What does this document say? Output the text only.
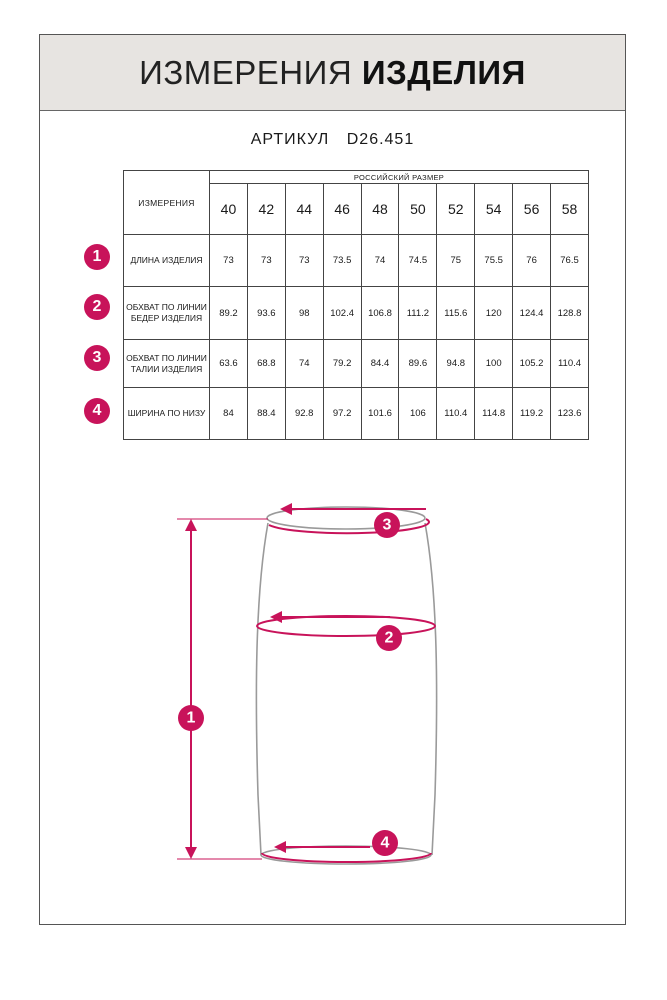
ИЗМЕРЕНИЯ ИЗДЕЛИЯ
АРТИКУЛ D26.451
ИЗМЕРЕНИЯ	РОССИЙСКИЙ РАЗМЕР									
	40	42	44	46	48	50	52	54	56	58
ДЛИНА ИЗДЕЛИЯ	73	73	73	73.5	74	74.5	75	75.5	76	76.5
ОБХВАТ ПО ЛИНИИ БЕДЕР ИЗДЕЛИЯ	89.2	93.6	98	102.4	106.8	111.2	115.6	120	124.4	128.8
ОБХВАТ ПО ЛИНИИ ТАЛИИ ИЗДЕЛИЯ	63.6	68.8	74	79.2	84.4	89.6	94.8	100	105.2	110.4
ШИРИНА ПО НИЗУ	84	88.4	92.8	97.2	101.6	106	110.4	114.8	119.2	123.6
1
2
3
4
1
2
3
4
